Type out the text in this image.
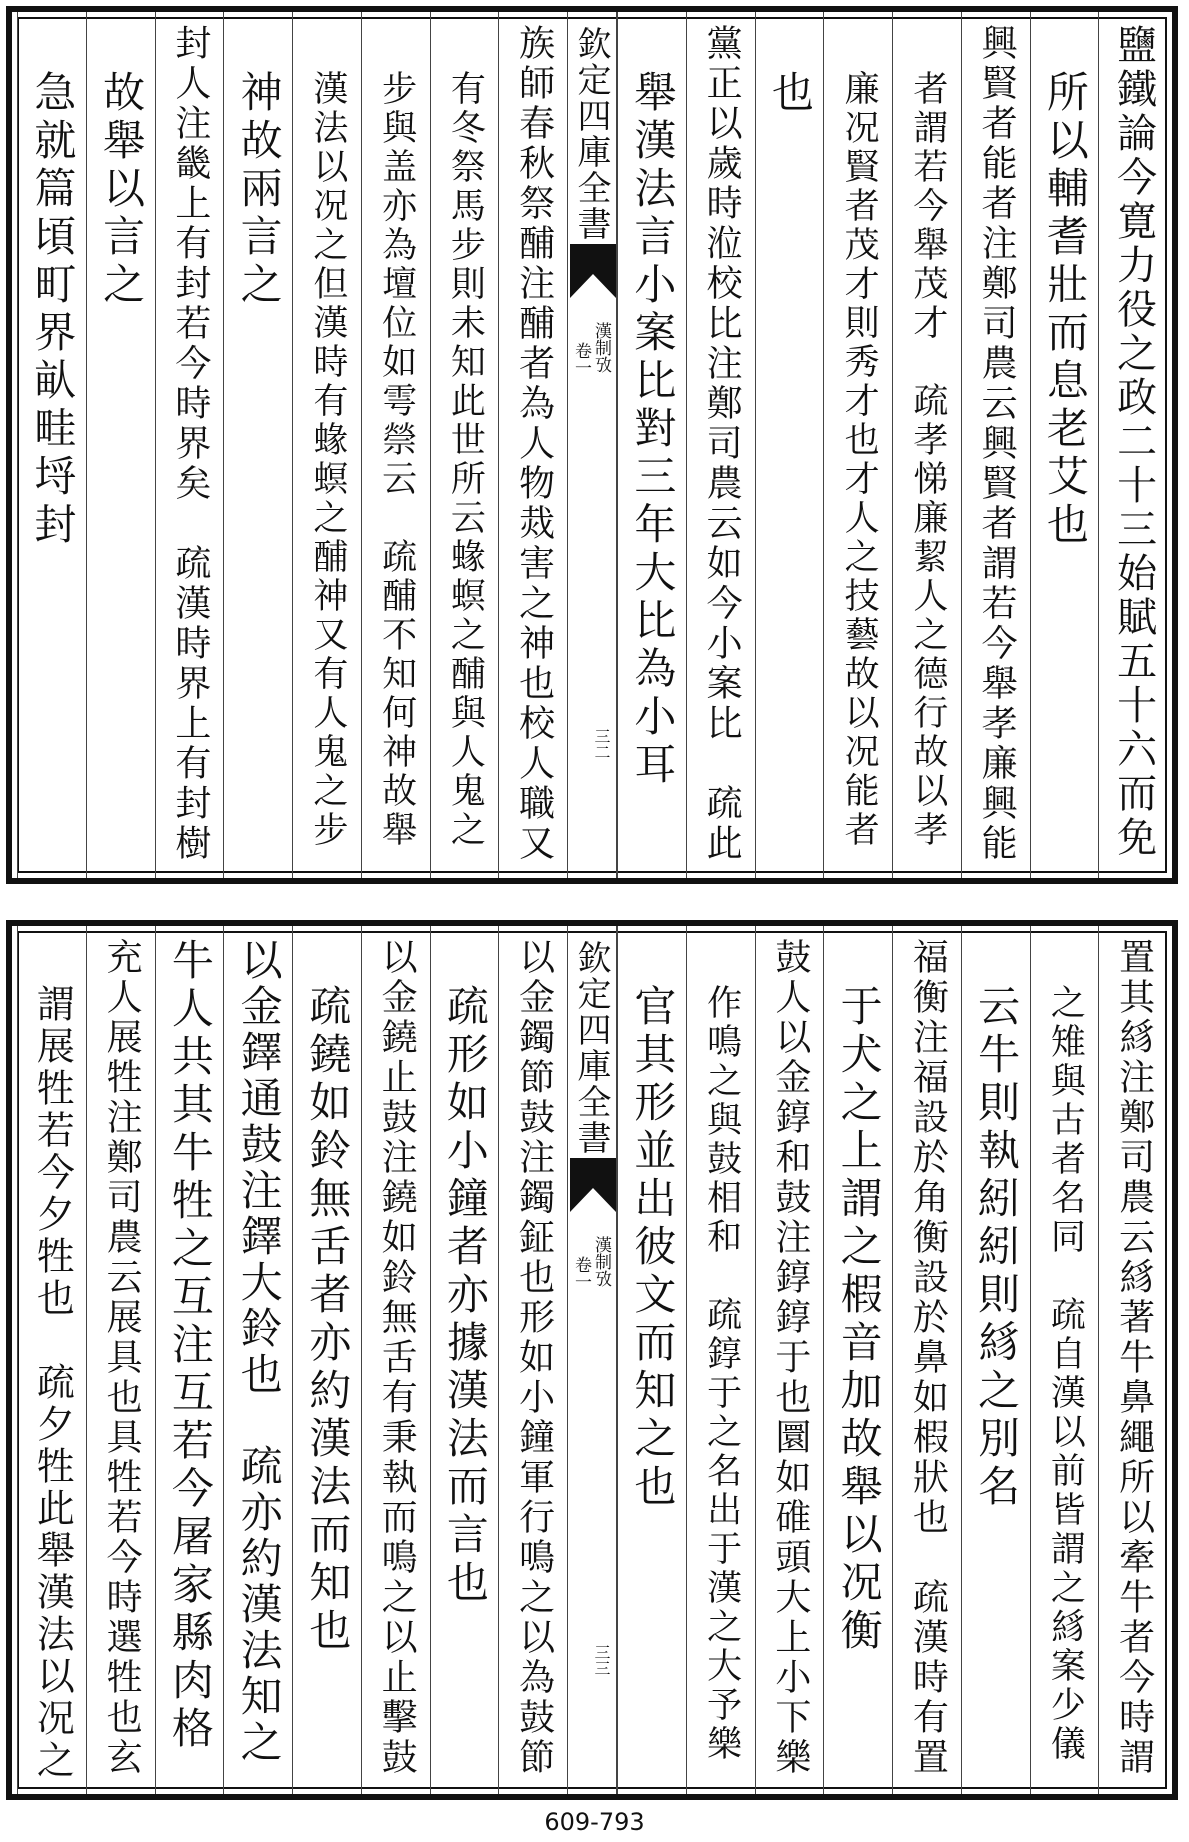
鹽鐵論今寛力役之政二十三始賦五十六而免
所以輔耆壯而息老艾也
興賢者能者注鄭司農云興賢者謂若今舉孝廉興能
者謂若今舉茂才　疏孝悌廉絜人之德行故以孝
廉况賢者茂才則秀才也才人之技藝故以况能者
也
黨正以歲時涖校比注鄭司農云如今小案比　疏此
舉漢法言小案比對三年大比為小耳
欽定四庫全書
漢制攷
卷一
三二
族師春秋祭酺注酺者為人物烖害之神也校人職又
有冬祭馬步則未知此世所云蝝螟之酺與人鬼之
步與盖亦為壇位如雩禜云　疏酺不知何神故舉
漢法以况之但漢時有蝝螟之酺神又有人鬼之步
神故兩言之
封人注畿上有封若今時界矣　疏漢時界上有封樹
故舉以言之
急就篇頃町界畒畦埒封
置其絼注鄭司農云絼著牛鼻繩所以牽牛者今時謂
之雉與古者名同　疏自漢以前皆謂之絼案少儀
云牛則執紖紖則絼之別名
福衡注福設於角衡設於鼻如椵狀也　疏漢時有置
于犬之上謂之椵音加故舉以况衡
鼓人以金錞和鼓注錞錞于也圜如碓頭大上小下樂
作鳴之與鼓相和　疏錞于之名出于漢之大予樂
官其形並出彼文而知之也
欽定四庫全書
漢制攷
卷一
三三
以金鐲節鼓注鐲鉦也形如小鐘軍行鳴之以為鼓節
疏形如小鐘者亦據漢法而言也
以金鐃止鼓注鐃如鈴無舌有秉執而鳴之以止擊鼓
疏鐃如鈴無舌者亦約漢法而知也
以金鐸通鼓注鐸大鈴也　疏亦約漢法知之
牛人共其牛牲之互注互若今屠家縣肉格
充人展牲注鄭司農云展具也具牲若今時選牲也玄
謂展牲若今夕牲也　疏夕牲此舉漢法以况之
609-793
